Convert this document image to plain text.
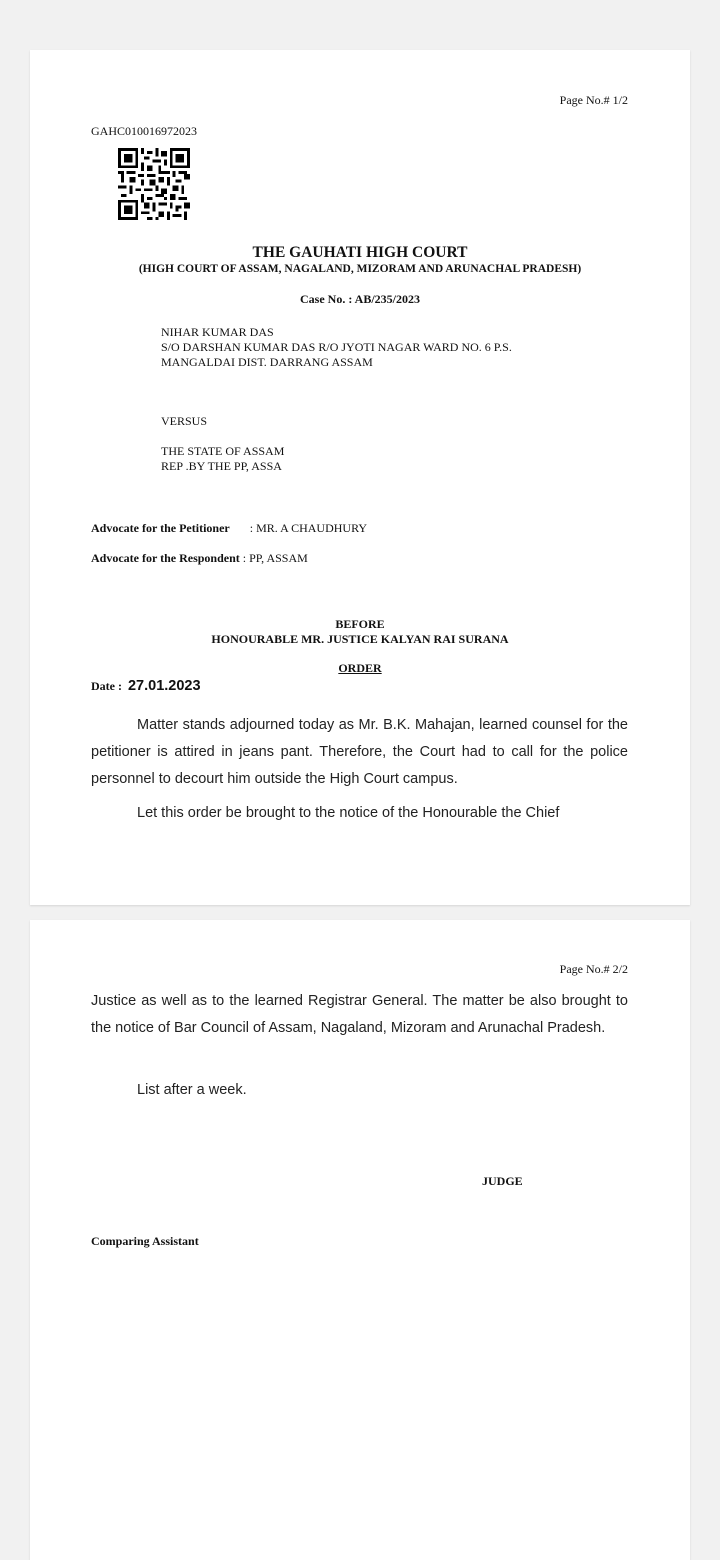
Page No.# 1/2
GAHC010016972023
THE GAUHATI HIGH COURT
(HIGH COURT OF ASSAM, NAGALAND, MIZORAM AND ARUNACHAL PRADESH)
Case No. : AB/235/2023
NIHAR KUMAR DAS
S/O DARSHAN KUMAR DAS R/O JYOTI NAGAR WARD NO. 6 P.S.
MANGALDAI DIST. DARRANG ASSAM
VERSUS
THE STATE OF ASSAM
REP .BY THE PP, ASSA
Advocate for the Petitioner : MR. A CHAUDHURY
Advocate for the Respondent : PP, ASSAM
BEFORE
HONOURABLE MR. JUSTICE KALYAN RAI SURANA
ORDER
Date : 27.01.2023
Matter stands adjourned today as Mr. B.K. Mahajan, learned counsel for the petitioner is attired in jeans pant. Therefore, the Court had to call for the police personnel to decourt him outside the High Court campus.
Let this order be brought to the notice of the Honourable the Chief
Page No.# 2/2
Justice as well as to the learned Registrar General. The matter be also brought to the notice of Bar Council of Assam, Nagaland, Mizoram and Arunachal Pradesh.
List after a week.
JUDGE
Comparing Assistant
